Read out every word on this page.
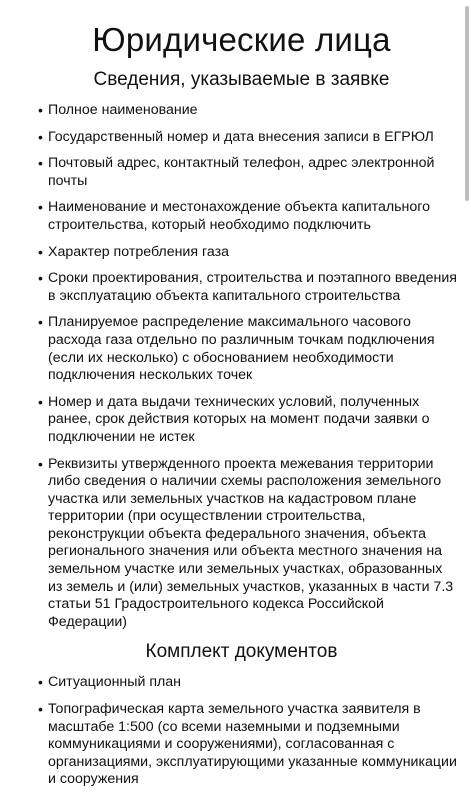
Юридические лица
Сведения, указываемые в заявке
• Полное наименование
• Государственный номер и дата внесения записи в ЕГРЮЛ
• Почтовый адрес, контактный телефон, адрес электронной почты
• Наименование и местонахождение объекта капитального строительства, который необходимо подключить
• Характер потребления газа
• Сроки проектирования, строительства и поэтапного введения в эксплуатацию объекта капитального строительства
• Планируемое распределение максимального часового расхода газа отдельно по различным точкам подключения (если их несколько) с обоснованием необходимости подключения нескольких точек
• Номер и дата выдачи технических условий, полученных ранее, срок действия которых на момент подачи заявки о подключении не истек
• Реквизиты утвержденного проекта межевания территории либо сведения о наличии схемы расположения земельного участка или земельных участков на кадастровом плане территории (при осуществлении строительства, реконструкции объекта федерального значения, объекта регионального значения или объекта местного значения на земельном участке или земельных участках, образованных из земель и (или) земельных участков, указанных в части 7.3 статьи 51 Градостроительного кодекса Российской Федерации)
Комплект документов
• Ситуационный план
• Топографическая карта земельного участка заявителя в масштабе 1:500 (со всеми наземными и подземными коммуникациями и сооружениями), согласованная с организациями, эксплуатирующими указанные коммуникации и сооружения
